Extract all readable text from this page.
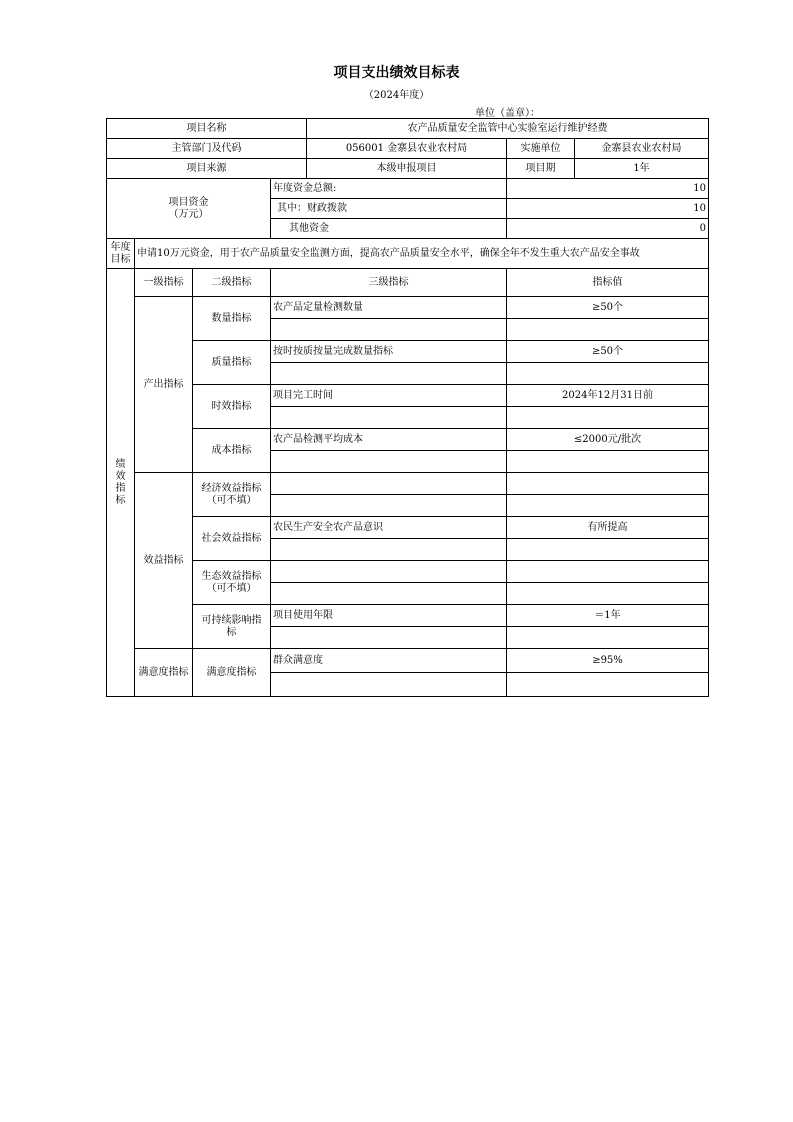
项目支出绩效目标表
（2024年度）
单位（盖章）：
项目名称				农产品质量安全监管中心实验室运行维护经费		
主管部门及代码				056001 金寨县农业农村局	实施单位	金寨县农业农村局
项目来源				本级申报项目	项目期	1年

项目资金
（万元）			年度资金总额:		10	
			其中：财政拨款		10	
			其他资金		0	

年度
目标	申请10万元资金，用于农产品质量安全监测方面，提高农产品质量安全水平，确保全年不发生重大农产品安全事故					

绩
效
指
标	一级指标	二级指标	三级指标		指标值	
	产出指标	数量指标	农产品定量检测数量		≥50个	

		质量指标	按时按质按量完成数量指标		≥50个	

		时效指标	项目完工时间		2024年12月31日前	

		成本指标	农产品检测平均成本		≤2000元/批次	

	效益指标	经济效益指标
（可不填）				

		社会效益指标	农民生产安全农产品意识		有所提高	

		生态效益指标
（可不填）				

		可持续影响指
标	项目使用年限		＝1年	

	满意度指标	满意度指标	群众满意度		≥95%	
